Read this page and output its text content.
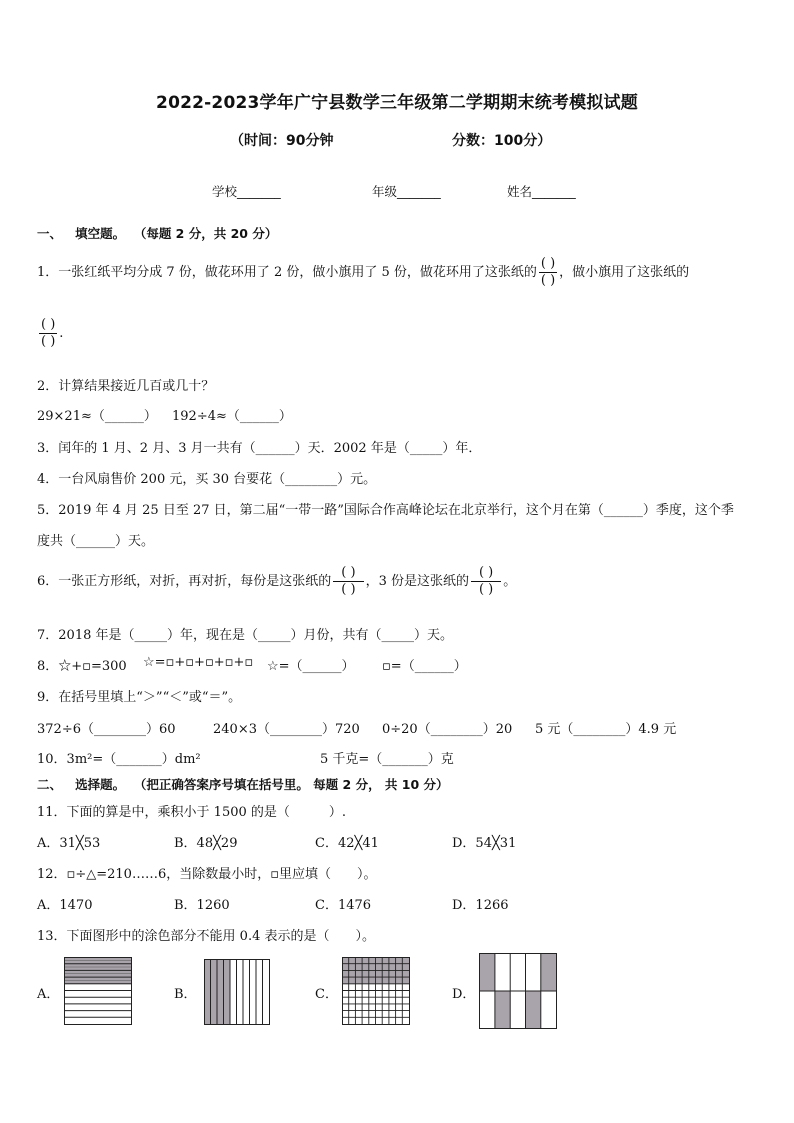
2022-2023学年广宁县数学三年级第二学期期末统考模拟试题
（时间：90分钟	分数：100分）
学校_______	年级_______	姓名_______
一、 填空题。 （每题 2 分，共 20 分）
1．一张红纸平均分成 7 份，做花环用了 2 份，做小旗用了 5 份，做花环用了这张纸的 $\frac{( )}{( )}$ ，做小旗用了这张纸的
$\frac{( )}{( )}$ .
2．计算结果接近几百或几十？
29×21≈（______） 192÷4≈（______）
3．闰年的 1 月、2 月、3 月一共有（______）天．2002 年是（_____）年．
4．一台风扇售价 200 元，买 30 台要花（________）元。
5．2019 年 4 月 25 日至 27 日，第二届“一带一路”国际合作高峰论坛在北京举行，这个月在第（______）季度，这个季
度共（______）天。
6．一张正方形纸，对折，再对折，每份是这张纸的 $\frac{( )}{( )}$ ，3 份是这张纸的 $\frac{( )}{( )}$ 。
7．2018 年是（_____）年，现在是（_____）月份，共有（_____）天。
8．☆+▫=300 ☆=▫+▫+▫+▫+▫ ☆=（______） ▫=（______）
9．在括号里填上“＞”“＜”或“＝”。
372÷6（________）60	240×3（________）720 0÷20（________）20 5 元（________）4.9 元
10．3m²=（_______）dm²	5 千克=（_______）克
二、 选择题。 （把正确答案序号填在括号里。 每题 2 分， 共 10 分）
11．下面的算是中，乘积小于 1500 的是（　　　）.
A．31╳53	B．48╳29	C．42╳41	D．54╳31
12．▫÷△=210……6，当除数最小时，▫里应填（　　）。
A．1470	B．1260	C．1476	D．1266
13．下面图形中的涂色部分不能用 0.4 表示的是（　　）。
A．	B．	C．	D．
